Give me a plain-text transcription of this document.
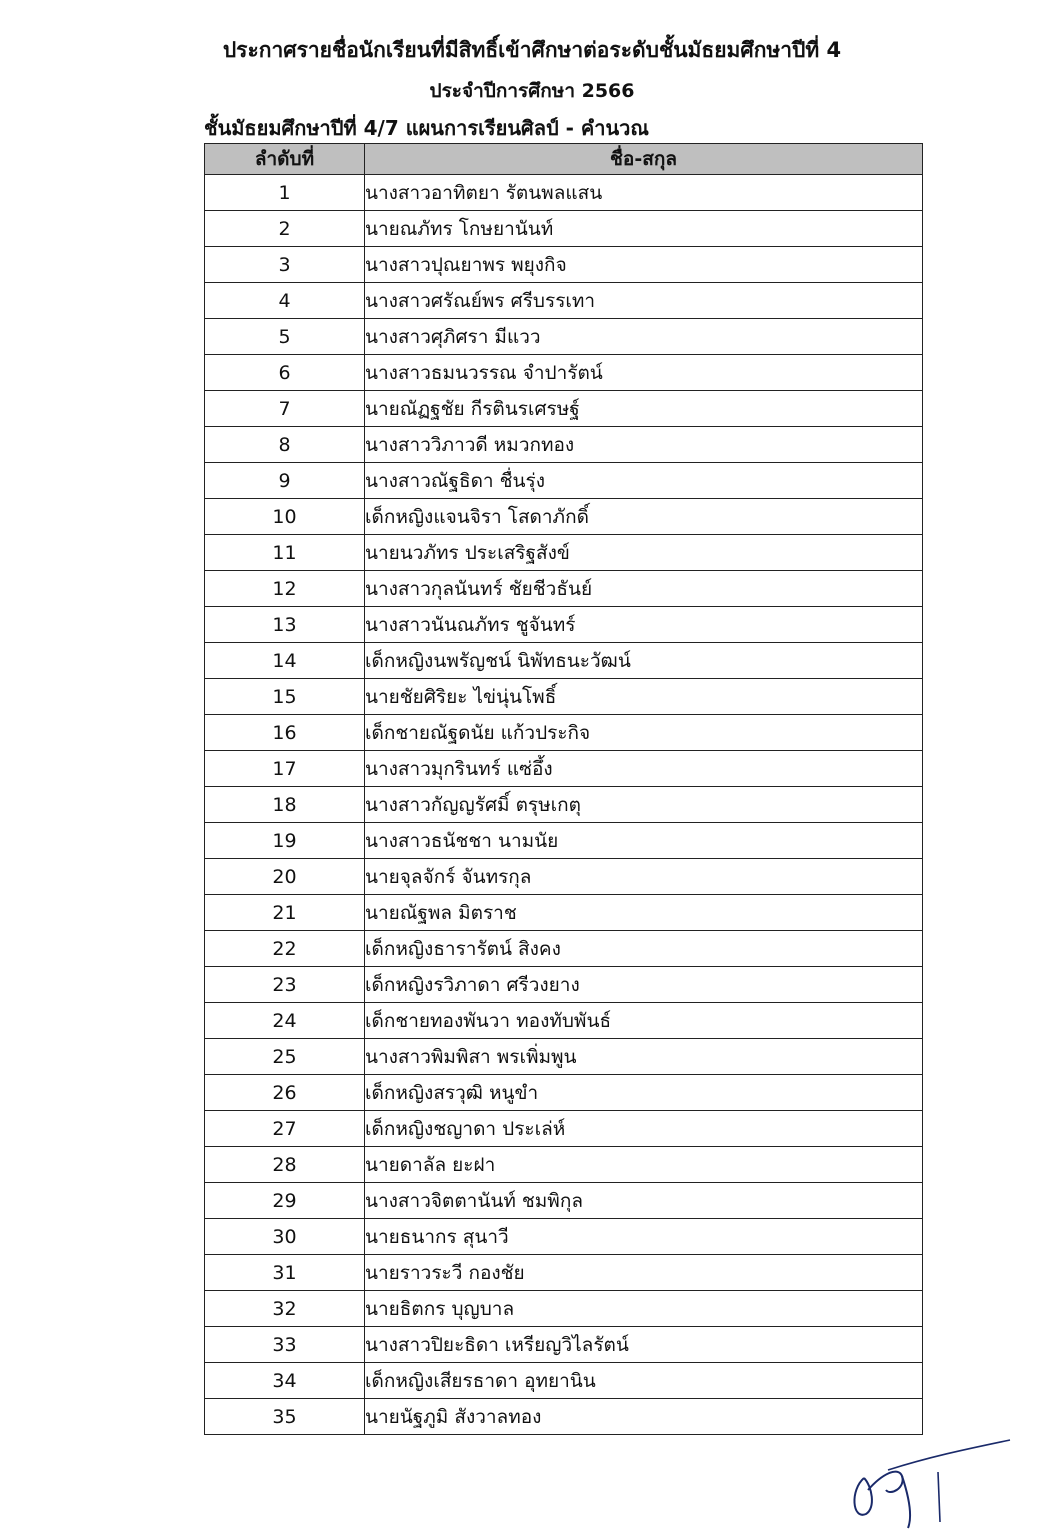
ประกาศรายชื่อนักเรียนที่มีสิทธิ์เข้าศึกษาต่อระดับชั้นมัธยมศึกษาปีที่ 4
ประจำปีการศึกษา 2566
ชั้นมัธยมศึกษาปีที่ 4/7 แผนการเรียนศิลป์ - คำนวณ
ลำดับที่	ชื่อ-สกุล
1	นางสาวอาทิตยา รัตนพลแสน
2	นายณภัทร โกษยานันท์
3	นางสาวปุณยาพร พยุงกิจ
4	นางสาวศรัณย์พร ศรีบรรเทา
5	นางสาวศุภิศรา มีแวว
6	นางสาวธมนวรรณ จำปารัตน์
7	นายณัฏฐชัย กีรตินรเศรษฐ์
8	นางสาววิภาวดี หมวกทอง
9	นางสาวณัฐธิดา ชื่นรุ่ง
10	เด็กหญิงแจนจิรา โสดาภักดิ์
11	นายนวภัทร ประเสริฐสังข์
12	นางสาวกุลนันทร์ ชัยชีวธันย์
13	นางสาวนันณภัทร ชูจันทร์
14	เด็กหญิงนพรัญชน์ นิพัทธนะวัฒน์
15	นายชัยศิริยะ ไข่นุ่นโพธิ์
16	เด็กชายณัฐดนัย แก้วประกิจ
17	นางสาวมุกรินทร์ แซ่อึ้ง
18	นางสาวกัญญรัศมิ์ ตรุษเกตุ
19	นางสาวธนัชชา นามนัย
20	นายจุลจักร์ จันทรกุล
21	นายณัฐพล มิตราช
22	เด็กหญิงธารารัตน์ สิงคง
23	เด็กหญิงรวิภาดา ศรีวงยาง
24	เด็กชายทองพันวา ทองทับพันธ์
25	นางสาวพิมพิสา พรเพิ่มพูน
26	เด็กหญิงสรวุฒิ หนูขำ
27	เด็กหญิงชญาดา ประเล่ห์
28	นายดาลัล ยะฝา
29	นางสาวจิตตานันท์ ชมพิกุล
30	นายธนากร สุนาวี
31	นายราวระวี กองชัย
32	นายธิตกร บุญบาล
33	นางสาวปิยะธิดา เหรียญวิไลรัตน์
34	เด็กหญิงเสียรธาดา อุทยานิน
35	นายนัฐภูมิ สังวาลทอง
